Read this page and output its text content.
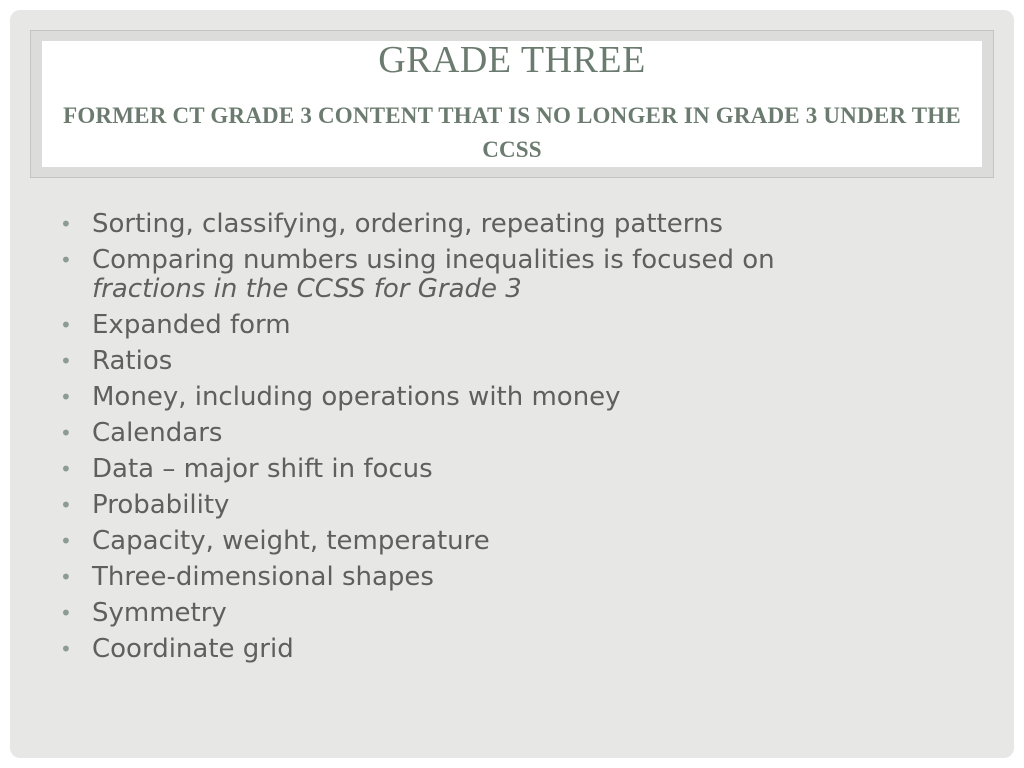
GRADE THREE
FORMER CT GRADE 3 CONTENT THAT IS NO LONGER IN GRADE 3 UNDER THE CCSS
• Sorting, classifying, ordering, repeating patterns
• Comparing numbers using inequalities is focused on
fractions in the CCSS for Grade 3
• Expanded form
• Ratios
• Money, including operations with money
• Calendars
• Data – major shift in focus
• Probability
• Capacity, weight, temperature
• Three-dimensional shapes
• Symmetry
• Coordinate grid
